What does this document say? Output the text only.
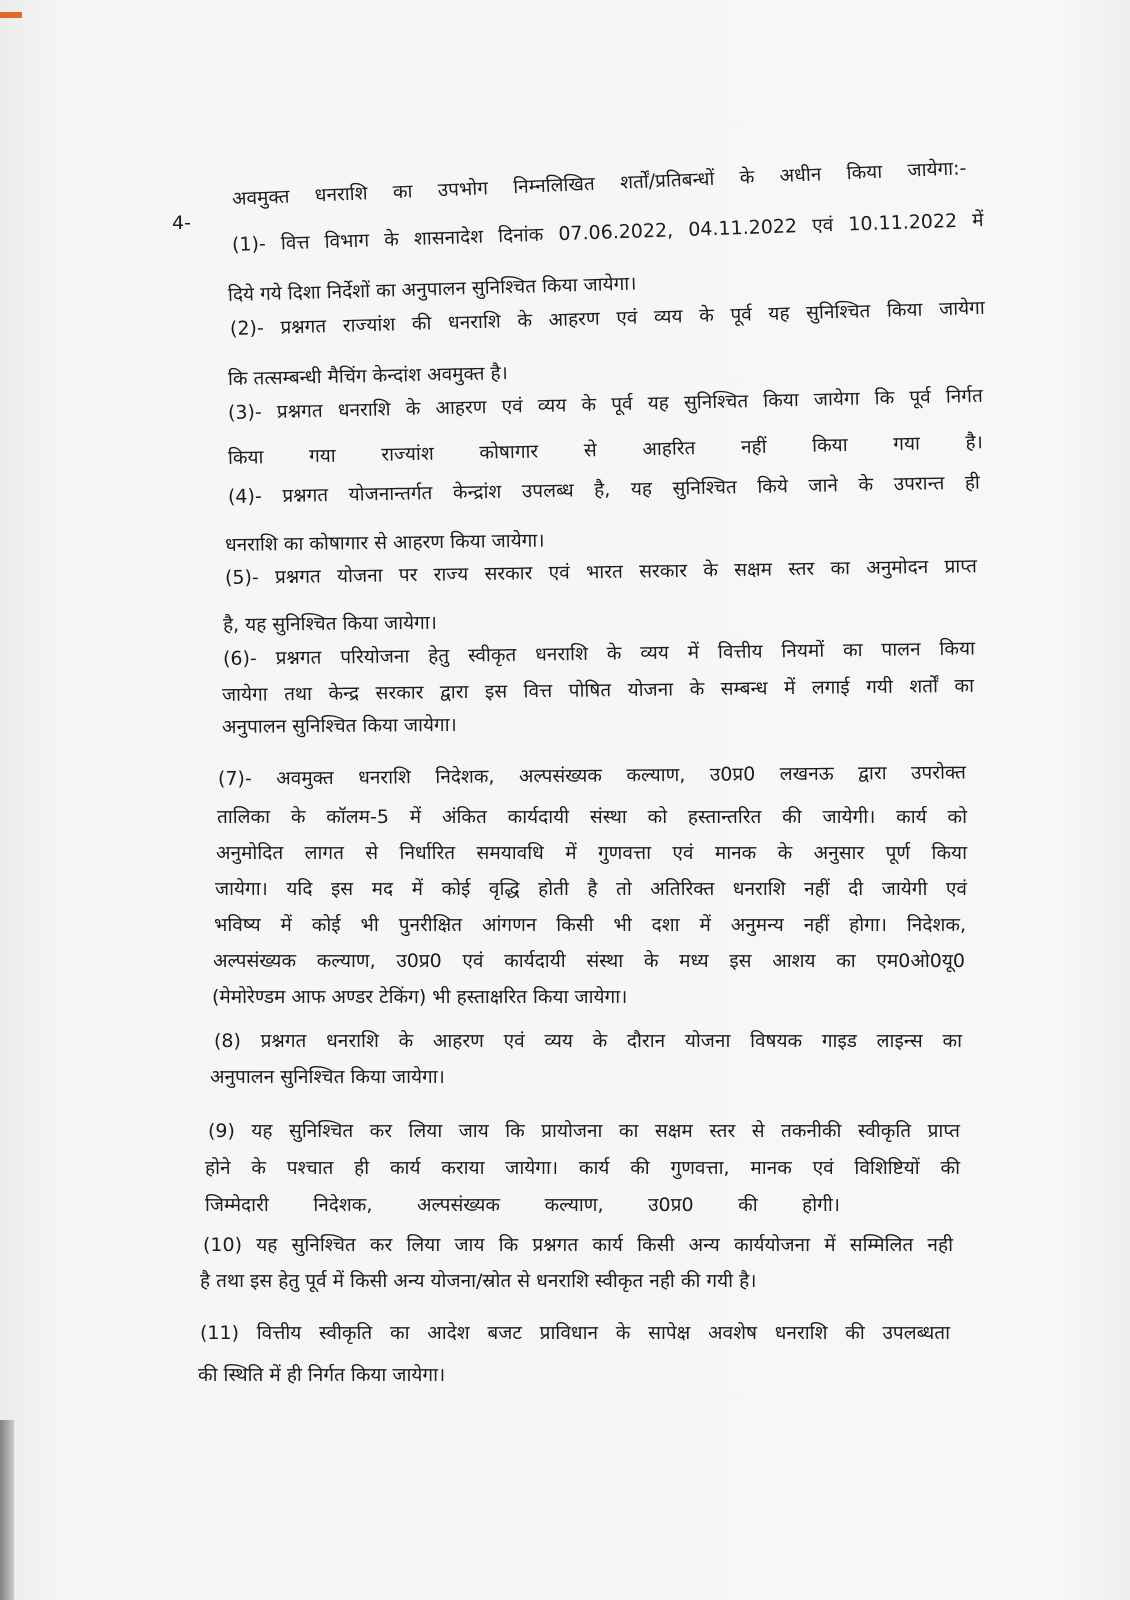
4-
अवमुक्त धनराशि का उपभोग निम्नलिखित शर्तों/प्रतिबन्धों के अधीन किया जायेगा:-
(1)- वित्त विभाग के शासनादेश दिनांक 07.06.2022, 04.11.2022 एवं 10.11.2022 में
दिये गये दिशा निर्देशों का अनुपालन सुनिश्चित किया जायेगा।
(2)- प्रश्नगत राज्यांश की धनराशि के आहरण एवं व्यय के पूर्व यह सुनिश्चित किया जायेगा
कि तत्सम्बन्धी मैचिंग केन्दांश अवमुक्त है।
(3)- प्रश्नगत धनराशि के आहरण एवं व्यय के पूर्व यह सुनिश्चित किया जायेगा कि पूर्व निर्गत
किया गया राज्यांश कोषागार से आहरित नहीं किया गया है।
(4)- प्रश्नगत योजनान्तर्गत केन्द्रांश उपलब्ध है, यह सुनिश्चित किये जाने के उपरान्त ही
धनराशि का कोषागार से आहरण किया जायेगा।
(5)- प्रश्नगत योजना पर राज्य सरकार एवं भारत सरकार के सक्षम स्तर का अनुमोदन प्राप्त
है, यह सुनिश्चित किया जायेगा।
(6)- प्रश्नगत परियोजना हेतु स्वीकृत धनराशि के व्यय में वित्तीय नियमों का पालन किया
जायेगा तथा केन्द्र सरकार द्वारा इस वित्त पोषित योजना के सम्बन्ध में लगाई गयी शर्तों का
अनुपालन सुनिश्चित किया जायेगा।
(7)- अवमुक्त धनराशि निदेशक, अल्पसंख्यक कल्याण, उ0प्र0 लखनऊ द्वारा उपरोक्त
तालिका के कॉलम-5 में अंकित कार्यदायी संस्था को हस्तान्तरित की जायेगी। कार्य को
अनुमोदित लागत से निर्धारित समयावधि में गुणवत्ता एवं मानक के अनुसार पूर्ण किया
जायेगा। यदि इस मद में कोई वृद्धि होती है तो अतिरिक्त धनराशि नहीं दी जायेगी एवं
भविष्य में कोई भी पुनरीक्षित आंगणन किसी भी दशा में अनुमन्य नहीं होगा। निदेशक,
अल्पसंख्यक कल्याण, उ0प्र0 एवं कार्यदायी संस्था के मध्य इस आशय का एम0ओ0यू0
(मेमोरेण्डम आफ अण्डर टेकिंग) भी हस्ताक्षरित किया जायेगा।
(8) प्रश्नगत धनराशि के आहरण एवं व्यय के दौरान योजना विषयक गाइड लाइन्स का
अनुपालन सुनिश्चित किया जायेगा।
(9) यह सुनिश्चित कर लिया जाय कि प्रायोजना का सक्षम स्तर से तकनीकी स्वीकृति प्राप्त
होने के पश्चात ही कार्य कराया जायेगा। कार्य की गुणवत्ता, मानक एवं विशिष्टियों की
जिम्मेदारी निदेशक, अल्पसंख्यक कल्याण, उ0प्र0 की होगी।
(10) यह सुनिश्चित कर लिया जाय कि प्रश्नगत कार्य किसी अन्य कार्ययोजना में सम्मिलित नही
है तथा इस हेतु पूर्व में किसी अन्य योजना/स्रोत से धनराशि स्वीकृत नही की गयी है।
(11) वित्तीय स्वीकृति का आदेश बजट प्राविधान के सापेक्ष अवशेष धनराशि की उपलब्धता
की स्थिति में ही निर्गत किया जायेगा।
